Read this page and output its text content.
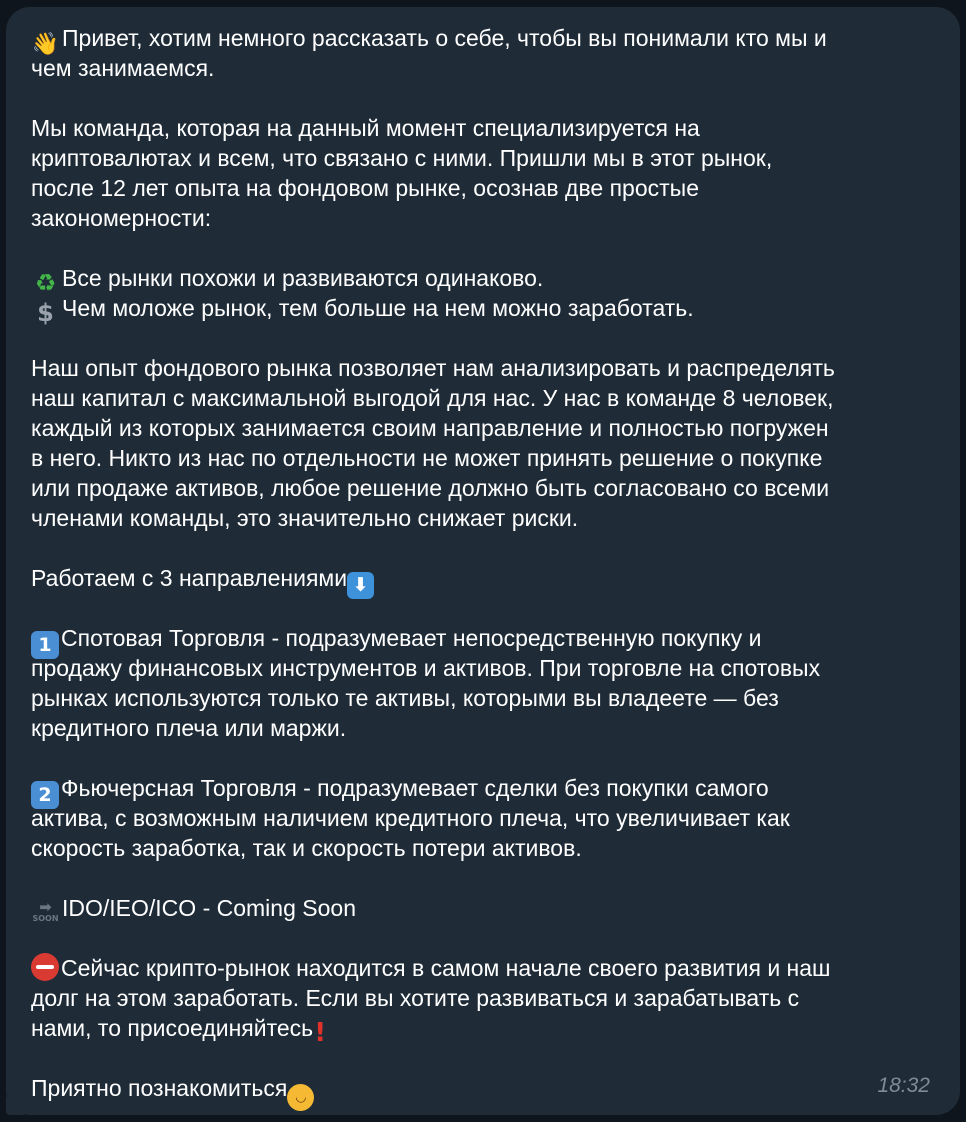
👋 Привет, хотим немного рассказать о себе, чтобы вы понимали кто мы и
чем занимаемся.
Мы команда, которая на данный момент специализируется на
криптовалютах и всем, что связано с ними. Пришли мы в этот рынок,
после 12 лет опыта на фондовом рынке, осознав две простые
закономерности:
♻ Все рынки похожи и развиваются одинаково.
$ Чем моложе рынок, тем больше на нем можно заработать.
Наш опыт фондового рынка позволяет нам анализировать и распределять
наш капитал с максимальной выгодой для нас. У нас в команде 8 человек,
каждый из которых занимается своим направление и полностью погружен
в него. Никто из нас по отдельности не может принять решение о покупке
или продаже активов, любое решение должно быть согласовано со всеми
членами команды, это значительно снижает риски.
Работаем с 3 направлениями ⬇
1 Спотовая Торговля - подразумевает непосредственную покупку и
продажу финансовых инструментов и активов. При торговле на спотовых
рынках используются только те активы, которыми вы владеете — без
кредитного плеча или маржи.
2 Фьючерсная Торговля - подразумевает сделки без покупки самого
актива, с возможным наличием кредитного плеча, что увеличивает как
скорость заработка, так и скорость потери активов.
➡
SOON IDO/IEO/ICO - Coming Soon
Сейчас крипто-рынок находится в самом начале своего развития и наш
долг на этом заработать. Если вы хотите развиваться и зарабатывать с
нами, то присоединяйтесь!
Приятно познакомиться ◡
18:32
